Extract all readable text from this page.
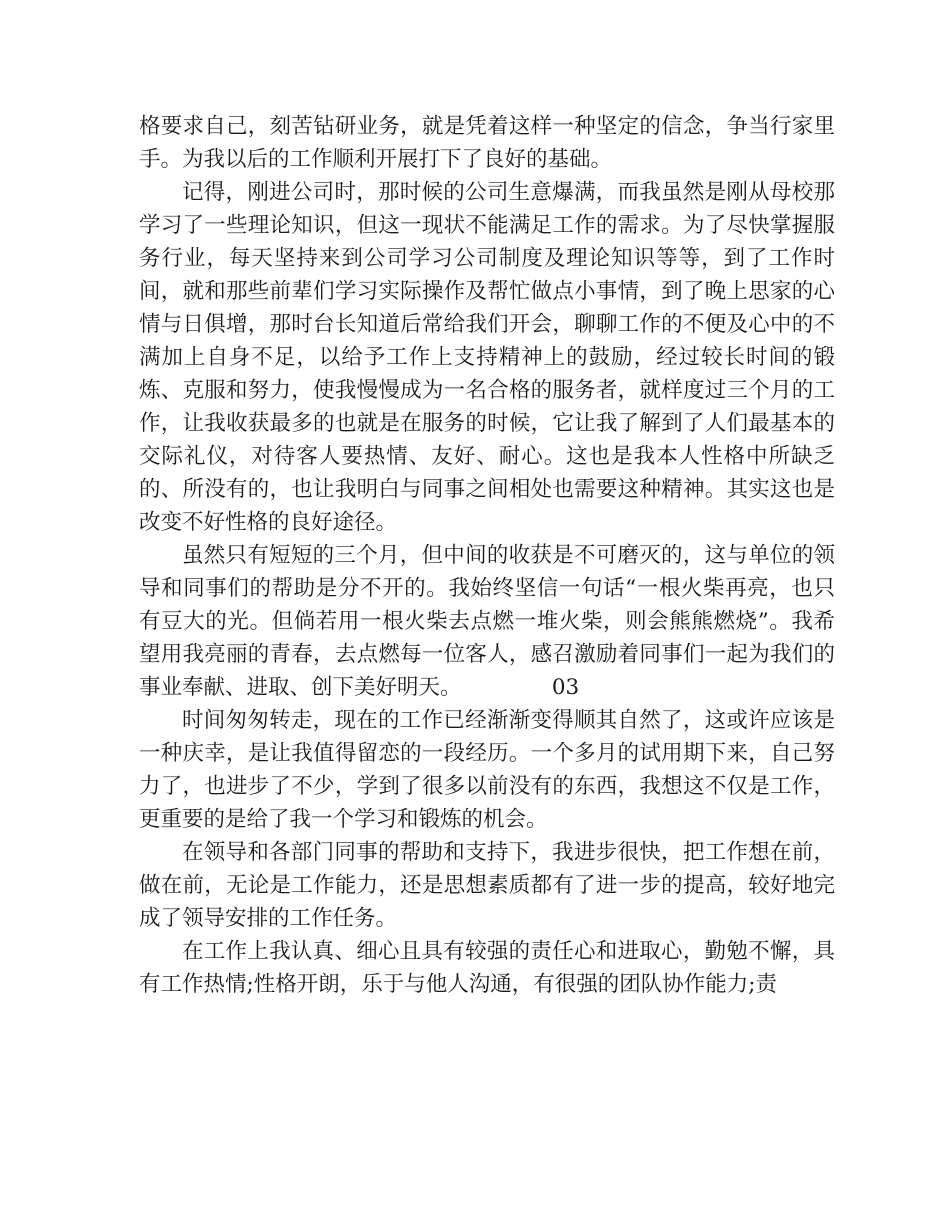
格要求自己，刻苦钻研业务，就是凭着这样一种坚定的信念，争当行家里手。为我以后的工作顺利开展打下了良好的基础。

记得，刚进公司时，那时候的公司生意爆满，而我虽然是刚从母校那学习了一些理论知识，但这一现状不能满足工作的需求。为了尽快掌握服务行业，每天坚持来到公司学习公司制度及理论知识等等，到了工作时间，就和那些前辈们学习实际操作及帮忙做点小事情，到了晚上思家的心情与日俱增，那时台长知道后常给我们开会，聊聊工作的不便及心中的不满加上自身不足，以给予工作上支持精神上的鼓励，经过较长时间的锻炼、克服和努力，使我慢慢成为一名合格的服务者，就样度过三个月的工作，让我收获最多的也就是在服务的时候，它让我了解到了人们最基本的交际礼仪，对待客人要热情、友好、耐心。这也是我本人性格中所缺乏的、所没有的，也让我明白与同事之间相处也需要这种精神。其实这也是改变不好性格的良好途径。

虽然只有短短的三个月，但中间的收获是不可磨灭的，这与单位的领导和同事们的帮助是分不开的。我始终坚信一句话“一根火柴再亮，也只有豆大的光。但倘若用一根火柴去点燃一堆火柴，则会熊熊燃烧”。我希望用我亮丽的青春，去点燃每一位客人，感召激励着同事们一起为我们的事业奉献、进取、创下美好明天。	03

时间匆匆转走，现在的工作已经渐渐变得顺其自然了，这或许应该是一种庆幸，是让我值得留恋的一段经历。一个多月的试用期下来，自己努力了，也进步了不少，学到了很多以前没有的东西，我想这不仅是工作，更重要的是给了我一个学习和锻炼的机会。

在领导和各部门同事的帮助和支持下，我进步很快，把工作想在前，做在前，无论是工作能力，还是思想素质都有了进一步的提高，较好地完成了领导安排的工作任务。

在工作上我认真、细心且具有较强的责任心和进取心，勤勉不懈，具有工作热情;性格开朗，乐于与他人沟通，有很强的团队协作能力;责
